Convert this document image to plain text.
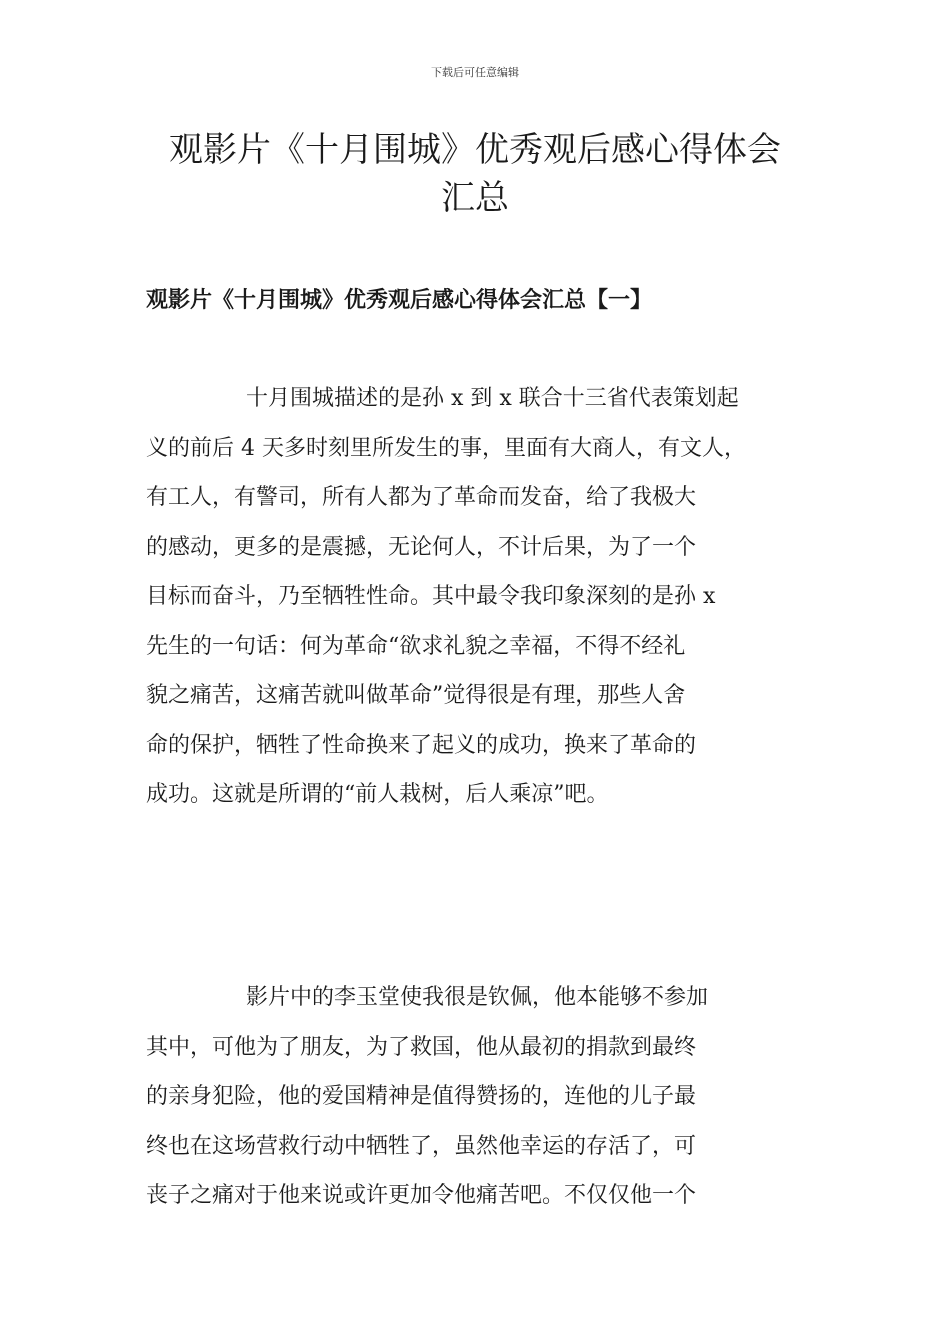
下载后可任意编辑
观影片《十月围城》优秀观后感心得体会
汇总
观影片《十月围城》优秀观后感心得体会汇总【一】
十月围城描述的是孙 x 到 x 联合十三省代表策划起
义的前后 4 天多时刻里所发生的事，里面有大商人，有文人，
有工人，有警司，所有人都为了革命而发奋，给了我极大
的感动，更多的是震撼，无论何人，不计后果，为了一个
目标而奋斗，乃至牺牲性命。其中最令我印象深刻的是孙 x
先生的一句话：何为革命“欲求礼貌之幸福，不得不经礼
貌之痛苦，这痛苦就叫做革命”觉得很是有理，那些人舍
命的保护，牺牲了性命换来了起义的成功，换来了革命的
成功。这就是所谓的“前人栽树，后人乘凉”吧。
影片中的李玉堂使我很是钦佩，他本能够不参加
其中，可他为了朋友，为了救国，他从最初的捐款到最终
的亲身犯险，他的爱国精神是值得赞扬的，连他的儿子最
终也在这场营救行动中牺牲了，虽然他幸运的存活了，可
丧子之痛对于他来说或许更加令他痛苦吧。不仅仅他一个
